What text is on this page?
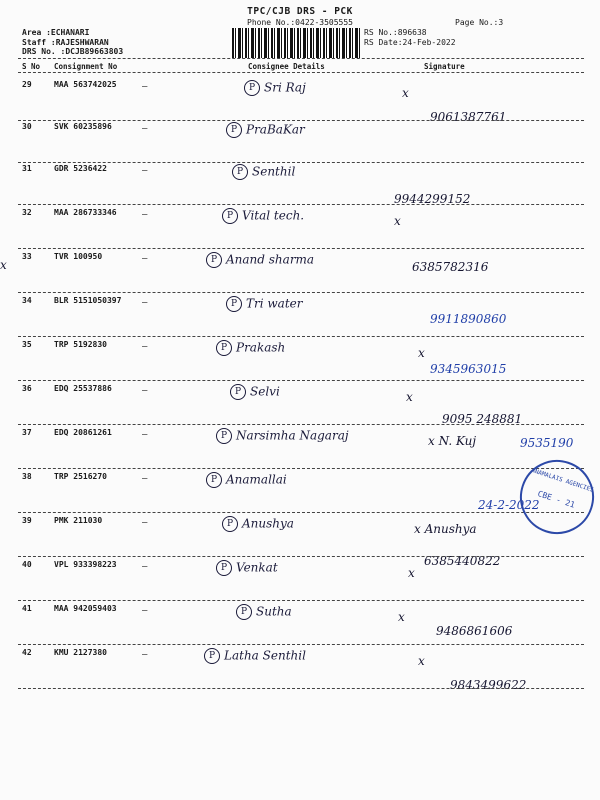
TPC/CJB DRS - PCK
Phone No.:0422-3505555	Page No.:3
Area :ECHANARI
Staff :RAJESHWARAN
DRS No. :DCJB89663803
RS No.:896638
RS Date:24-Feb-2022
S No Consignment No	Consignee Details	Signature
29	MAA 563742025	–	P Sri Raj	x
9061387761
30	SVK 60235896	–	P PraBaKar
31	GDR 5236422	–	P Senthil
9944299152
32	MAA 286733346	–	P Vital tech.	x
33	TVR 100950	–	P Anand sharma
x	6385782316
34	BLR 5151050397 –	P Tri water
9911890860
35	TRP 5192830	–	P Prakash	x
9345963015
36	EDQ 25537886	–	P Selvi	x
9095 248881
37	EDQ 20861261	–	P Narsimha Nagaraj	x N. Kuj	9535190
38	TRP 2516270	–	P Anamallai
24-2-2022
39	PMK 211030	–	P Anushya	x Anushya
6385440822
40	VPL 933398223	–	P Venkat	x
41	MAA 942059403	–	P Sutha	x
9486861606
42	KMU 2127380	–	P Latha Senthil	x
9843499622
ANAMALAIS AGENCIES
CBE - 21
